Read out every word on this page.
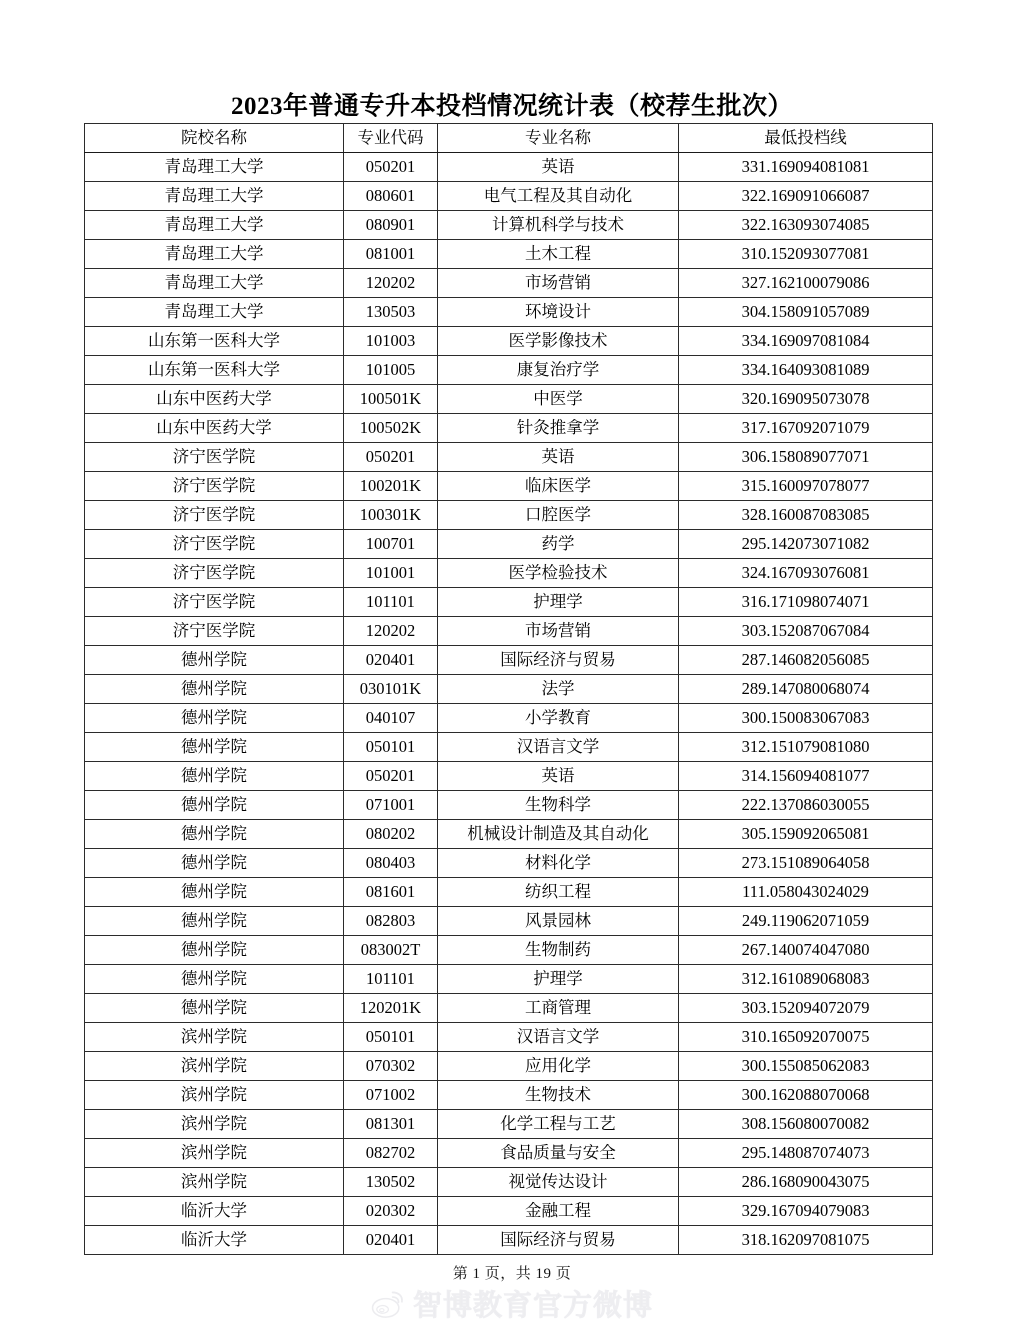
2023年普通专升本投档情况统计表（校荐生批次）
院校名称	专业代码	专业名称	最低投档线
青岛理工大学	050201	英语	331.169094081081
青岛理工大学	080601	电气工程及其自动化	322.169091066087
青岛理工大学	080901	计算机科学与技术	322.163093074085
青岛理工大学	081001	土木工程	310.152093077081
青岛理工大学	120202	市场营销	327.162100079086
青岛理工大学	130503	环境设计	304.158091057089
山东第一医科大学	101003	医学影像技术	334.169097081084
山东第一医科大学	101005	康复治疗学	334.164093081089
山东中医药大学	100501K	中医学	320.169095073078
山东中医药大学	100502K	针灸推拿学	317.167092071079
济宁医学院	050201	英语	306.158089077071
济宁医学院	100201K	临床医学	315.160097078077
济宁医学院	100301K	口腔医学	328.160087083085
济宁医学院	100701	药学	295.142073071082
济宁医学院	101001	医学检验技术	324.167093076081
济宁医学院	101101	护理学	316.171098074071
济宁医学院	120202	市场营销	303.152087067084
德州学院	020401	国际经济与贸易	287.146082056085
德州学院	030101K	法学	289.147080068074
德州学院	040107	小学教育	300.150083067083
德州学院	050101	汉语言文学	312.151079081080
德州学院	050201	英语	314.156094081077
德州学院	071001	生物科学	222.137086030055
德州学院	080202	机械设计制造及其自动化	305.159092065081
德州学院	080403	材料化学	273.151089064058
德州学院	081601	纺织工程	111.058043024029
德州学院	082803	风景园林	249.119062071059
德州学院	083002T	生物制药	267.140074047080
德州学院	101101	护理学	312.161089068083
德州学院	120201K	工商管理	303.152094072079
滨州学院	050101	汉语言文学	310.165092070075
滨州学院	070302	应用化学	300.155085062083
滨州学院	071002	生物技术	300.162088070068
滨州学院	081301	化学工程与工艺	308.156080070082
滨州学院	082702	食品质量与安全	295.148087074073
滨州学院	130502	视觉传达设计	286.168090043075
临沂大学	020302	金融工程	329.167094079083
临沂大学	020401	国际经济与贸易	318.162097081075
第 1 页，共 19 页
智博教育官方微博
